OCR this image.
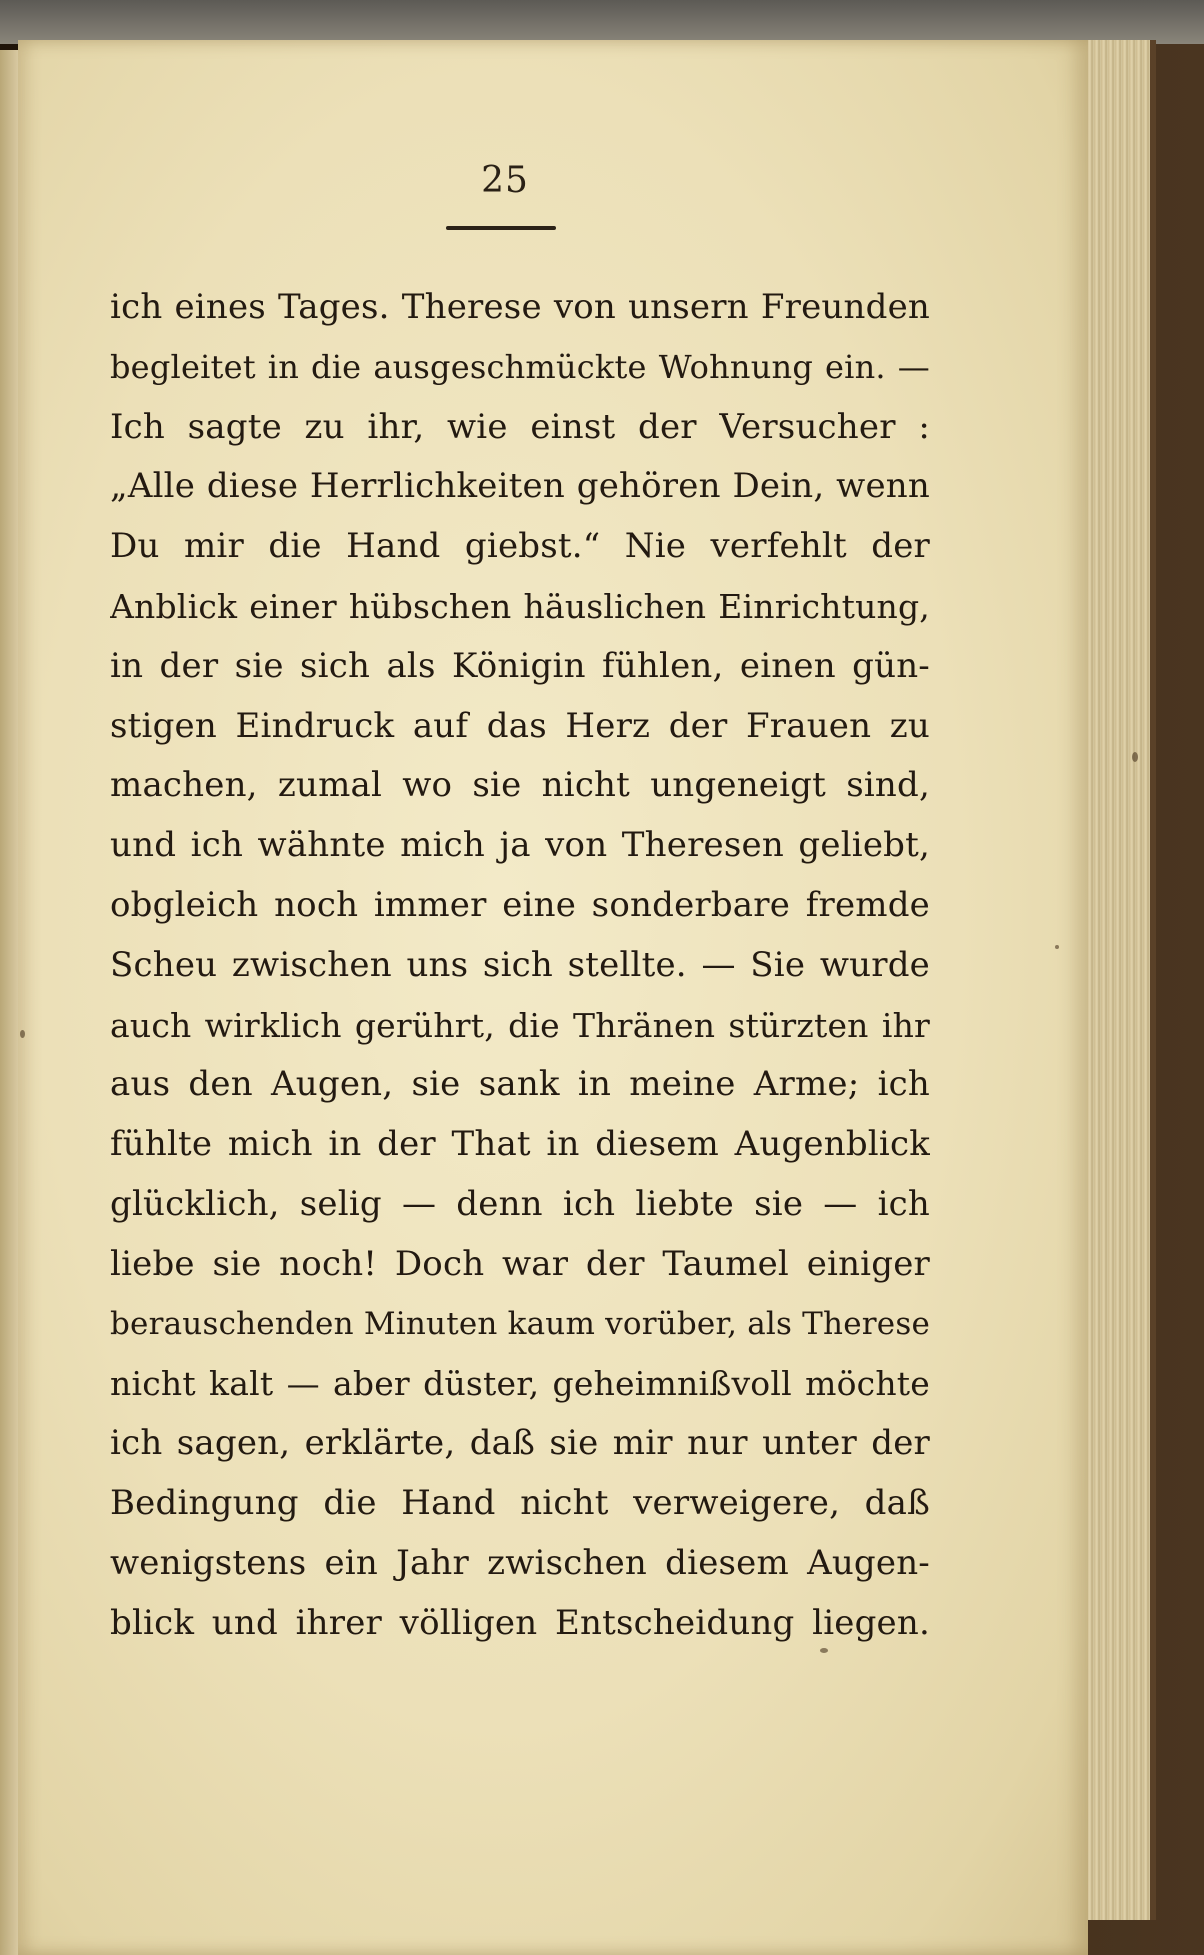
25
ich eines Tages. Therese von unsern Freunden
begleitet in die ausgeschmückte Wohnung ein. —
Ich sagte zu ihr, wie einst der Versucher :
„Alle diese Herrlichkeiten gehören Dein, wenn
Du mir die Hand giebst.“ Nie verfehlt der
Anblick einer hübschen häuslichen Einrichtung,
in der sie sich als Königin fühlen, einen gün-
stigen Eindruck auf das Herz der Frauen zu
machen, zumal wo sie nicht ungeneigt sind,
und ich wähnte mich ja von Theresen geliebt,
obgleich noch immer eine sonderbare fremde
Scheu zwischen uns sich stellte. — Sie wurde
auch wirklich gerührt, die Thränen stürzten ihr
aus den Augen, sie sank in meine Arme; ich
fühlte mich in der That in diesem Augenblick
glücklich, selig — denn ich liebte sie — ich
liebe sie noch! Doch war der Taumel einiger
berauschenden Minuten kaum vorüber, als Therese
nicht kalt — aber düster, geheimnißvoll möchte
ich sagen, erklärte, daß sie mir nur unter der
Bedingung die Hand nicht verweigere, daß
wenigstens ein Jahr zwischen diesem Augen-
blick und ihrer völligen Entscheidung liegen.
